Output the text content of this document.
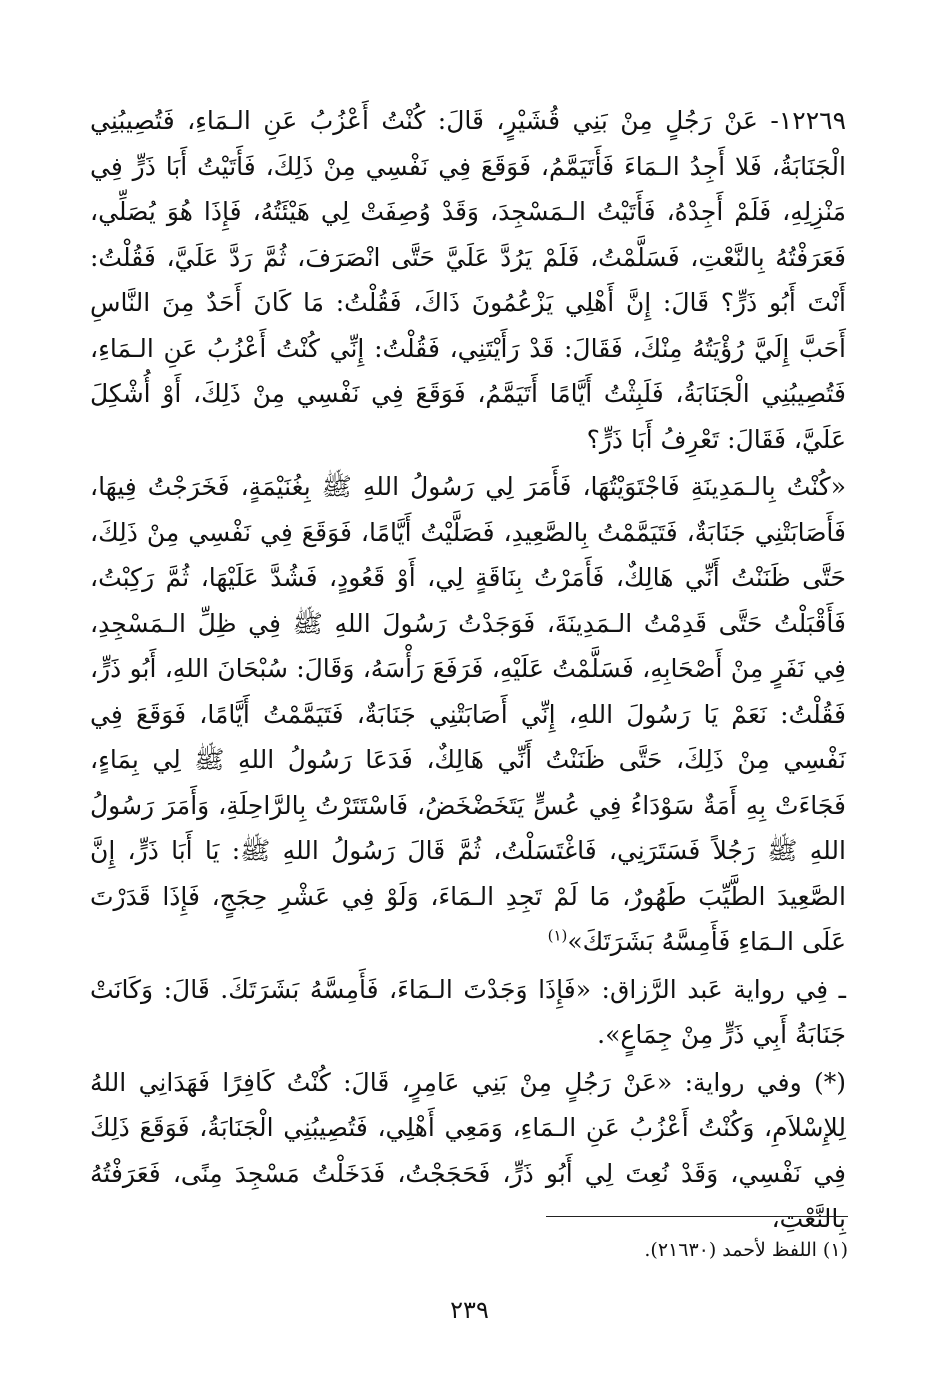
١٢٢٦٩- عَنْ رَجُلٍ مِنْ بَنِي قُشَيْرٍ، قَالَ: كُنْتُ أَعْزُبُ عَنِ الـمَاءِ، فَتُصِيبُنِي الْجَنَابَةُ، فَلا أَجِدُ الـمَاءَ فَأَتَيَمَّمُ، فَوَقَعَ فِي نَفْسِي مِنْ ذَلِكَ، فَأَتَيْتُ أَبَا ذَرٍّ فِي مَنْزِلِهِ، فَلَمْ أَجِدْهُ، فَأَتَيْتُ الـمَسْجِدَ، وَقَدْ وُصِفَتْ لِي هَيْئَتُهُ، فَإِذَا هُوَ يُصَلِّي، فَعَرَفْتُهُ بِالنَّعْتِ، فَسَلَّمْتُ، فَلَمْ يَرُدَّ عَلَيَّ حَتَّى انْصَرَفَ، ثُمَّ رَدَّ عَلَيَّ، فَقُلْتُ: أَنْتَ أَبُو ذَرٍّ؟ قَالَ: إِنَّ أَهْلِي يَزْعُمُونَ ذَاكَ، فَقُلْتُ: مَا كَانَ أَحَدٌ مِنَ النَّاسِ أَحَبَّ إِلَيَّ رُؤْيَتُهُ مِنْكَ، فَقَالَ: قَدْ رَأَيْتَنِي، فَقُلْتُ: إِنِّي كُنْتُ أَعْزُبُ عَنِ الـمَاءِ، فَتُصِيبُنِي الْجَنَابَةُ، فَلَبِثْتُ أَيَّامًا أَتَيَمَّمُ، فَوَقَعَ فِي نَفْسِي مِنْ ذَلِكَ، أَوْ أُشْكِلَ عَلَيَّ، فَقَالَ: تَعْرِفُ أَبَا ذَرٍّ؟

«كُنْتُ بِالـمَدِينَةِ فَاجْتَوَيْتُهَا، فَأَمَرَ لِي رَسُولُ اللهِ ﷺ بِغُنَيْمَةٍ، فَخَرَجْتُ فِيهَا، فَأَصَابَتْنِي جَنَابَةٌ، فَتَيَمَّمْتُ بِالصَّعِيدِ، فَصَلَّيْتُ أَيَّامًا، فَوَقَعَ فِي نَفْسِي مِنْ ذَلِكَ، حَتَّى ظَنَنْتُ أَنِّي هَالِكٌ، فَأَمَرْتُ بِنَاقَةٍ لِي، أَوْ قَعُودٍ، فَشُدَّ عَلَيْهَا، ثُمَّ رَكِبْتُ، فَأَقْبَلْتُ حَتَّى قَدِمْتُ الـمَدِينَةَ، فَوَجَدْتُ رَسُولَ اللهِ ﷺ فِي ظِلِّ الـمَسْجِدِ، فِي نَفَرٍ مِنْ أَصْحَابِهِ، فَسَلَّمْتُ عَلَيْهِ، فَرَفَعَ رَأْسَهُ، وَقَالَ: سُبْحَانَ اللهِ، أَبُو ذَرٍّ، فَقُلْتُ: نَعَمْ يَا رَسُولَ اللهِ، إِنِّي أَصَابَتْنِي جَنَابَةٌ، فَتَيَمَّمْتُ أَيَّامًا، فَوَقَعَ فِي نَفْسِي مِنْ ذَلِكَ، حَتَّى ظَنَنْتُ أَنِّي هَالِكٌ، فَدَعَا رَسُولُ اللهِ ﷺ لِي بِمَاءٍ، فَجَاءَتْ بِهِ أَمَةٌ سَوْدَاءُ فِي عُسٍّ يَتَخَضْخَضُ، فَاسْتَتَرْتُ بِالرَّاحِلَةِ، وَأَمَرَ رَسُولُ اللهِ ﷺ رَجُلاً فَسَتَرَنِي، فَاغْتَسَلْتُ، ثُمَّ قَالَ رَسُولُ اللهِ ﷺ: يَا أَبَا ذَرٍّ، إِنَّ الصَّعِيدَ الطَّيِّبَ طَهُورٌ، مَا لَمْ تَجِدِ الـمَاءَ، وَلَوْ فِي عَشْرِ حِجَجٍ، فَإِذَا قَدَرْتَ عَلَى الـمَاءِ فَأَمِسَّهُ بَشَرَتَكَ»$^{(١)}$

ـ فِي رواية عَبد الرَّزاق: «فَإِذَا وَجَدْتَ الـمَاءَ، فَأَمِسَّهُ بَشَرَتَكَ. قَالَ: وَكَانَتْ جَنَابَةُ أَبِي ذَرٍّ مِنْ جِمَاعٍ».

(*) وفي رواية: «عَنْ رَجُلٍ مِنْ بَنِي عَامِرٍ، قَالَ: كُنْتُ كَافِرًا فَهَدَانِي اللهُ لِلإِسْلاَمِ، وَكُنْتُ أَعْزُبُ عَنِ الـمَاءِ، وَمَعِي أَهْلِي، فَتُصِيبُنِي الْجَنَابَةُ، فَوَقَعَ ذَلِكَ فِي نَفْسِي، وَقَدْ نُعِتَ لِي أَبُو ذَرٍّ، فَحَجَجْتُ، فَدَخَلْتُ مَسْجِدَ مِنًى، فَعَرَفْتُهُ بِالنَّعْتِ،

(١) اللفظ لأحمد (٢١٦٣٠).
٢٣٩
